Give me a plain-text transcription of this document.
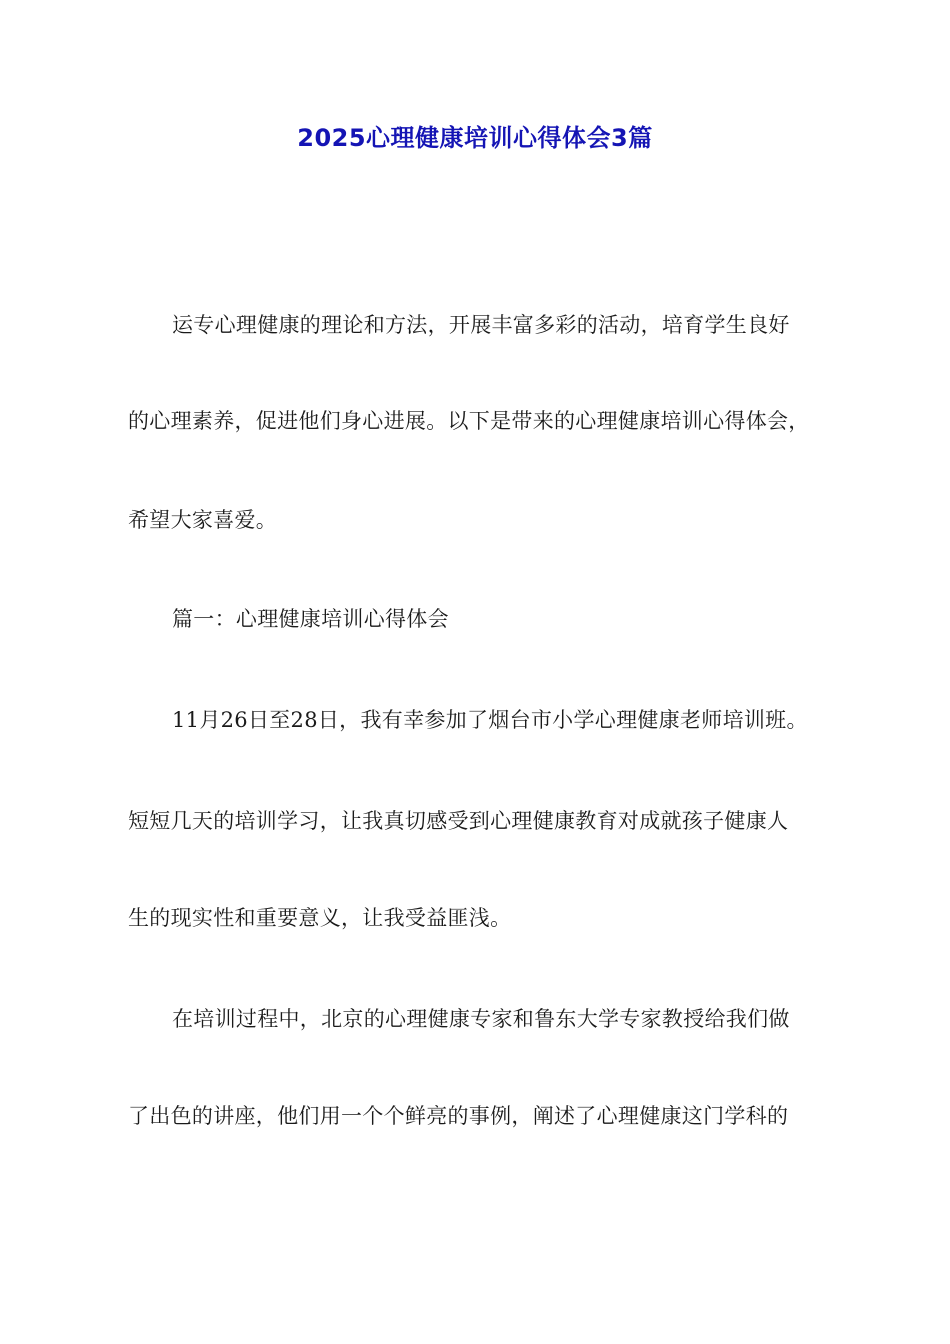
2025心理健康培训心得体会3篇
运专心理健康的理论和方法，开展丰富多彩的活动，培育学生良好
的心理素养，促进他们身心进展。以下是带来的心理健康培训心得体会，
希望大家喜爱。
篇一：心理健康培训心得体会
11月26日至28日，我有幸参加了烟台市小学心理健康老师培训班。
短短几天的培训学习，让我真切感受到心理健康教育对成就孩子健康人
生的现实性和重要意义，让我受益匪浅。
在培训过程中，北京的心理健康专家和鲁东大学专家教授给我们做
了出色的讲座，他们用一个个鲜亮的事例，阐述了心理健康这门学科的
